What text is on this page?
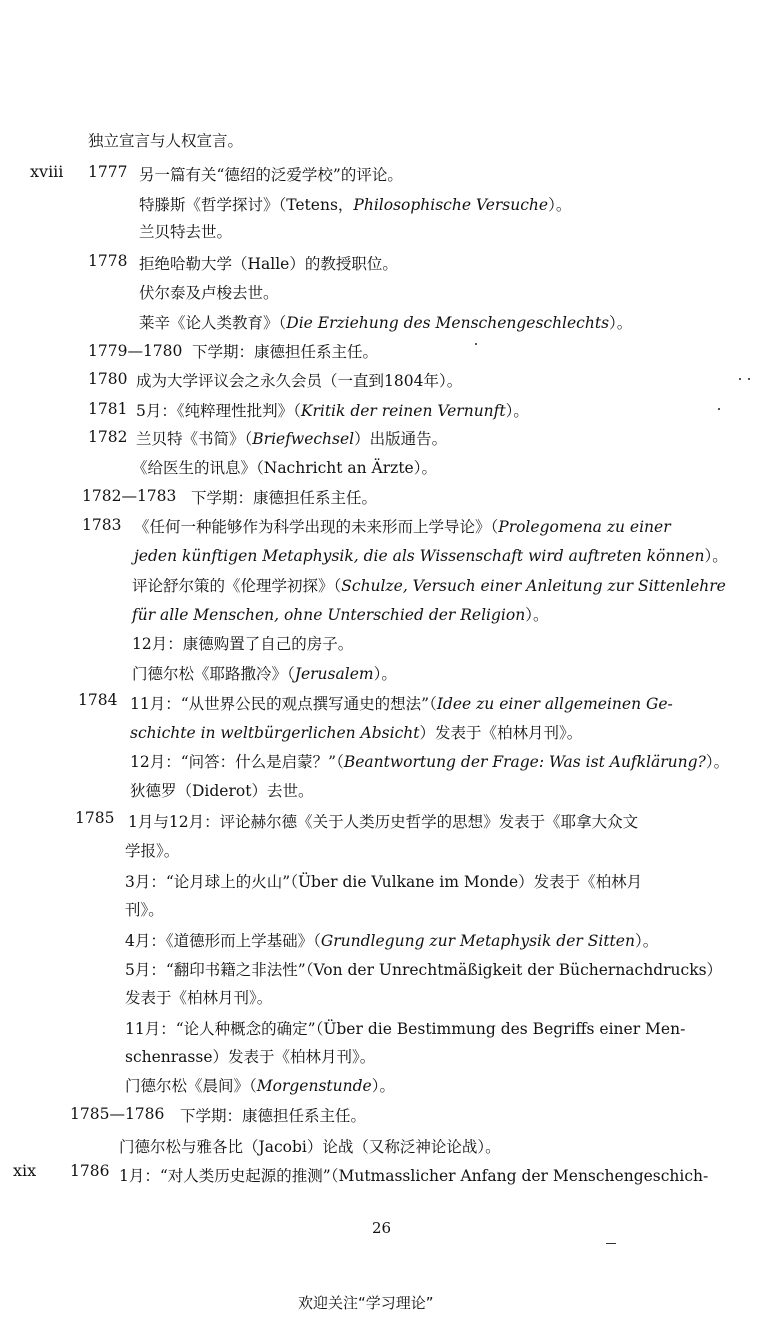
xviii
xix
独立宣言与人权宣言。
1777 另一篇有关“德绍的泛爱学校”的评论。
特滕斯《哲学探讨》（Tetens，Philosophische Versuche）。
兰贝特去世。
1778 拒绝哈勒大学（Halle）的教授职位。
伏尔泰及卢梭去世。
莱辛《论人类教育》（Die Erziehung des Menschengeschlechts）。
1779—1780 下学期：康德担任系主任。
1780 成为大学评议会之永久会员（一直到1804年）。
1781 5月：《纯粹理性批判》（Kritik der reinen Vernunft）。
1782 兰贝特《书简》（Briefwechsel）出版通告。
《给医生的讯息》（Nachricht an Ärzte）。
1782—1783 下学期：康德担任系主任。
1783 《任何一种能够作为科学出现的未来形而上学导论》（Prolegomena zu einer
jeden künftigen Metaphysik, die als Wissenschaft wird auftreten können）。
评论舒尔策的《伦理学初探》（Schulze, Versuch einer Anleitung zur Sittenlehre
für alle Menschen, ohne Unterschied der Religion）。
12月：康德购置了自己的房子。
门德尔松《耶路撒冷》（Jerusalem）。
1784 11月：“从世界公民的观点撰写通史的想法”（Idee zu einer allgemeinen Ge-
schichte in weltbürgerlichen Absicht）发表于《柏林月刊》。
12月：“问答：什么是启蒙？”（Beantwortung der Frage: Was ist Aufklärung?）。
狄德罗（Diderot）去世。
1785 1月与12月：评论赫尔德《关于人类历史哲学的思想》发表于《耶拿大众文
学报》。
3月：“论月球上的火山”（Über die Vulkane im Monde）发表于《柏林月
刊》。
4月：《道德形而上学基础》（Grundlegung zur Metaphysik der Sitten）。
5月：“翻印书籍之非法性”（Von der Unrechtmäßigkeit der Büchernachdrucks）
发表于《柏林月刊》。
11月：“论人种概念的确定”（Über die Bestimmung des Begriffs einer Men-
schenrasse）发表于《柏林月刊》。
门德尔松《晨间》（Morgenstunde）。
1785—1786 下学期：康德担任系主任。
门德尔松与雅各比（Jacobi）论战（又称泛神论论战）。
1786 1月：“对人类历史起源的推测”（Mutmasslicher Anfang der Menschengeschich-
26
欢迎关注“学习理论”
